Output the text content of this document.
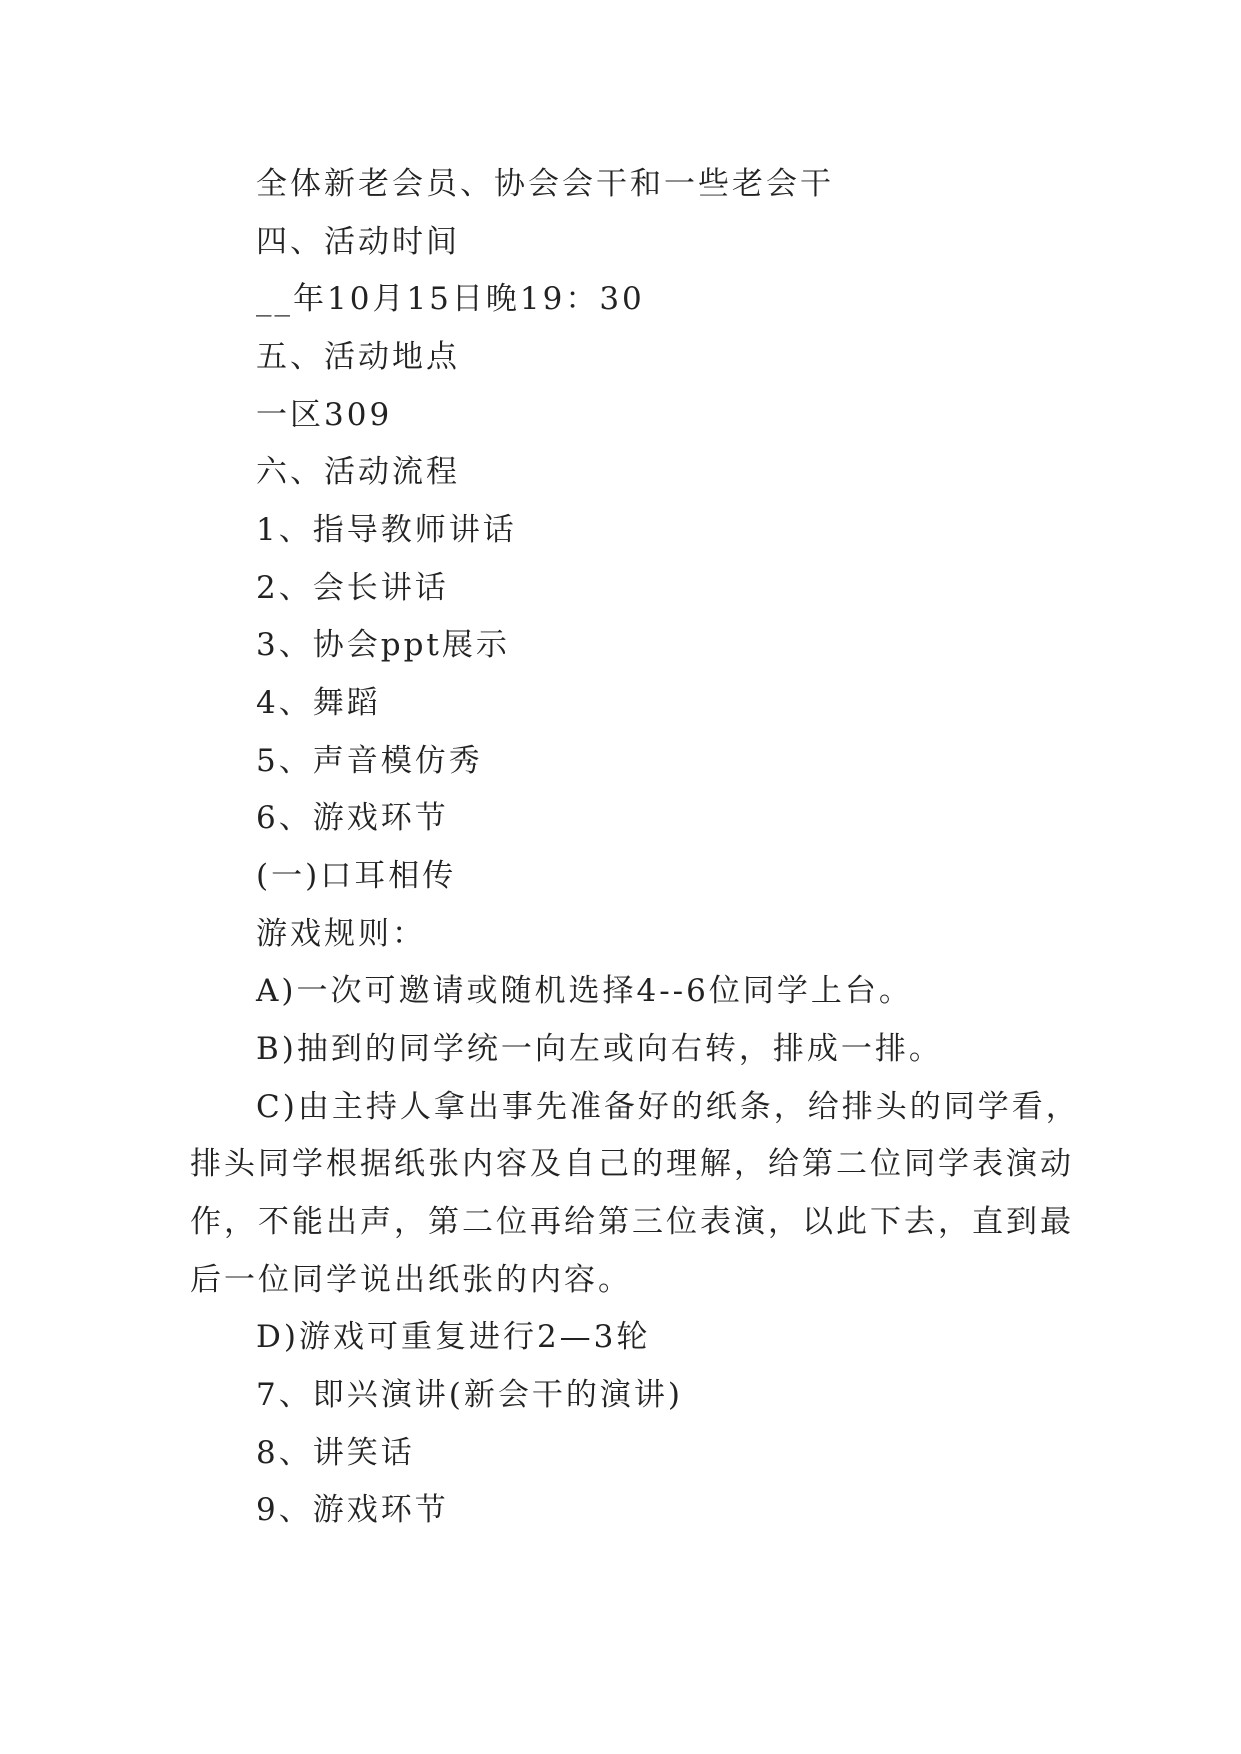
全体新老会员、协会会干和一些老会干
四、活动时间
__年10月15日晚19：30
五、活动地点
一区309
六、活动流程
1、指导教师讲话
2、会长讲话
3、协会ppt展示
4、舞蹈
5、声音模仿秀
6、游戏环节
(一)口耳相传
游戏规则：
A)一次可邀请或随机选择4--6位同学上台。
B)抽到的同学统一向左或向右转，排成一排。
C)由主持人拿出事先准备好的纸条，给排头的同学看，
排头同学根据纸张内容及自己的理解，给第二位同学表演动
作，不能出声，第二位再给第三位表演，以此下去，直到最
后一位同学说出纸张的内容。
D)游戏可重复进行2—3轮
7、即兴演讲(新会干的演讲)
8、讲笑话
9、游戏环节
